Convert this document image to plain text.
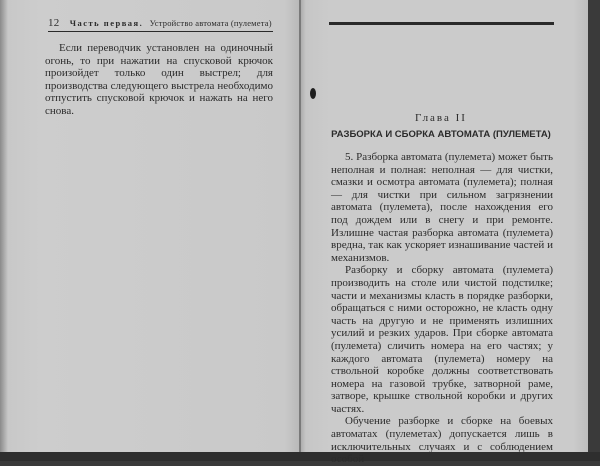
12 Часть первая. Устройство автомата (пулемета)

Если переводчик установлен на одиночный огонь, то при нажатии на спусковой крючок произойдет только один выстрел; для производства следующего выстрела необходимо отпустить спусковой крючок и нажать на него снова.

Глава II
РАЗБОРКА И СБОРКА АВТОМАТА (ПУЛЕМЕТА)

5. Разборка автомата (пулемета) может быть неполная и полная: неполная — для чистки, смазки и осмотра автомата (пулемета); полная — для чистки при сильном загрязнении автомата (пулемета), после нахождения его под дождем или в снегу и при ремонте. Излишне частая разборка автомата (пулемета) вредна, так как ускоряет изнашивание частей и механизмов.

Разборку и сборку автомата (пулемета) производить на столе или чистой подстилке; части и механизмы класть в порядке разборки, обращаться с ними осторожно, не класть одну часть на другую и не применять излишних усилий и резких ударов. При сборке автомата (пулемета) сличить номера на его частях; у каждого автомата (пулемета) номеру на ствольной коробке должны соответствовать номера на газовой трубке, затворной раме, затворе, крышке ствольной коробки и других частях.

Обучение разборке и сборке на боевых автоматах (пулеметах) допускается лишь в исключительных случаях и с соблюдением особой
